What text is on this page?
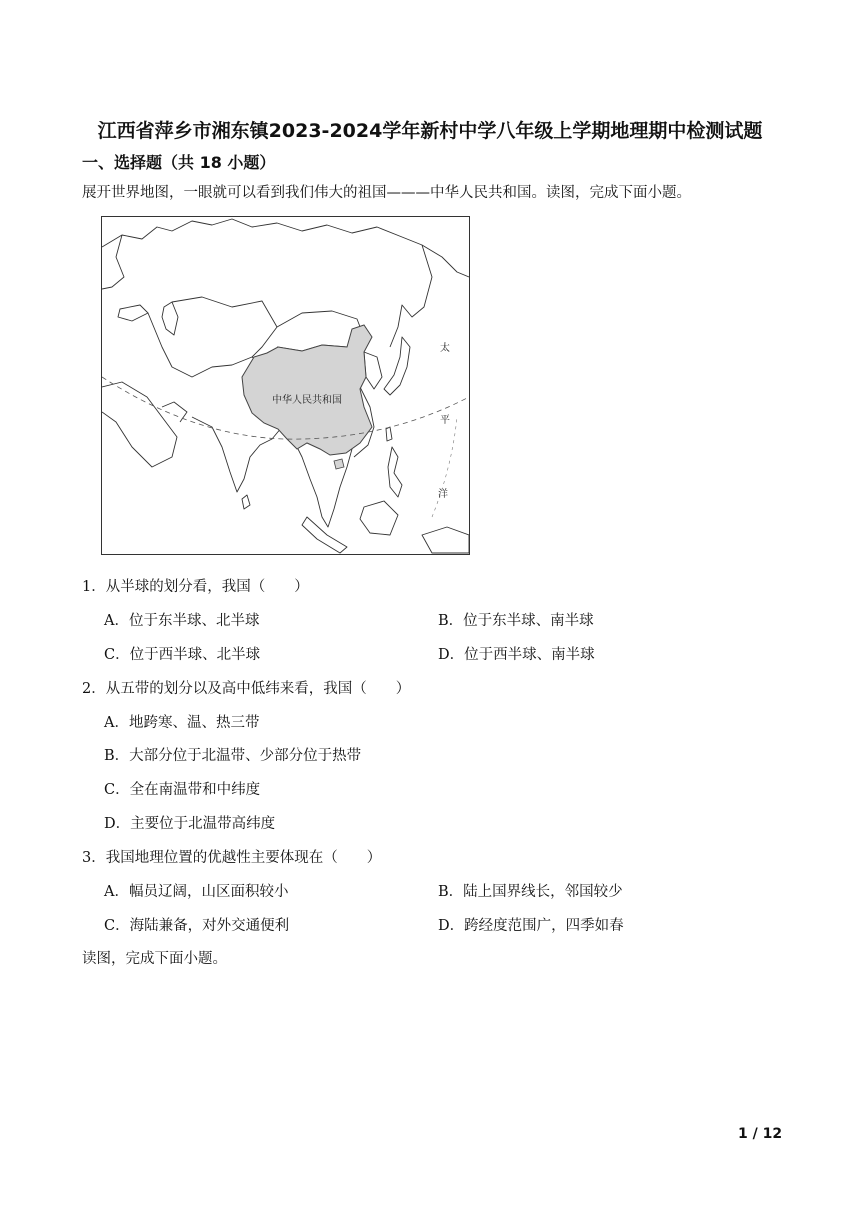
江西省萍乡市湘东镇2023-2024学年新村中学八年级上学期地理期中检测试题
一、选择题（共 18 小题）
展开世界地图，一眼就可以看到我们伟大的祖国———中华人民共和国。读图，完成下面小题。
中华人民共和国
太
平
洋
1．从半球的划分看，我国（　　）
A．位于东半球、北半球	B．位于东半球、南半球
C．位于西半球、北半球	D．位于西半球、南半球
2．从五带的划分以及高中低纬来看，我国（　　）
A．地跨寒、温、热三带
B．大部分位于北温带、少部分位于热带
C．全在南温带和中纬度
D．主要位于北温带高纬度
3．我国地理位置的优越性主要体现在（　　）
A．幅员辽阔，山区面积较小	B．陆上国界线长，邻国较少
C．海陆兼备，对外交通便利	D．跨经度范围广，四季如春
读图，完成下面小题。
1 / 12
